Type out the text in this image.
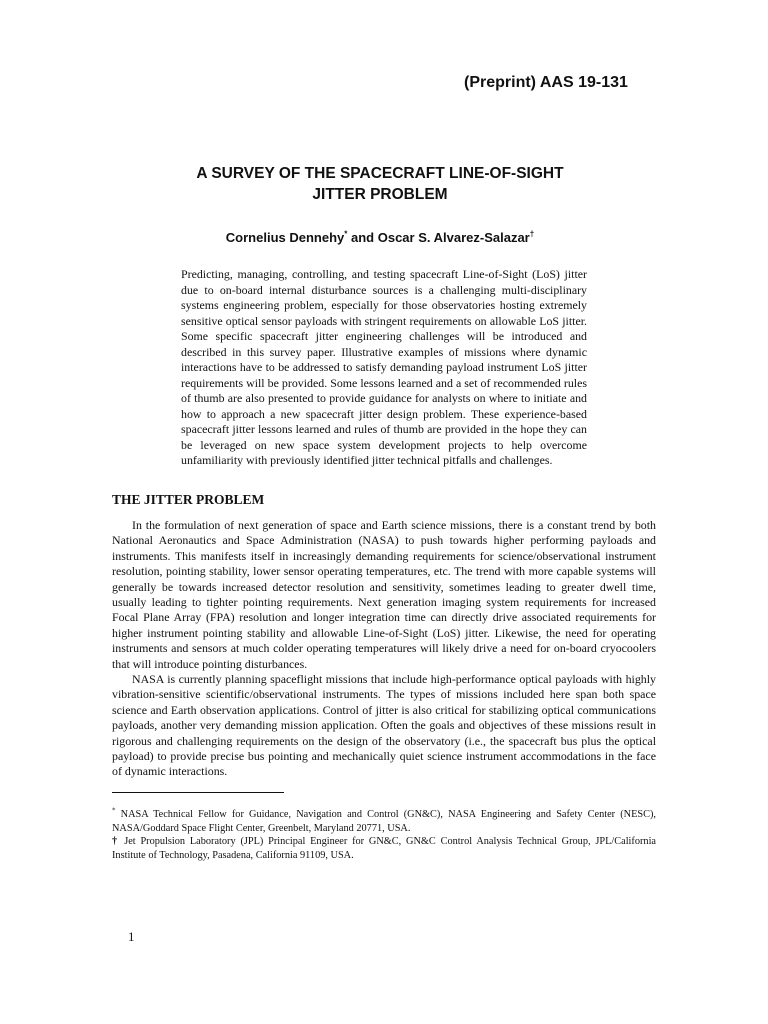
(Preprint) AAS 19-131

A SURVEY OF THE SPACECRAFT LINE-OF-SIGHT
JITTER PROBLEM

Cornelius Dennehy* and Oscar S. Alvarez-Salazar†

Predicting, managing, controlling, and testing spacecraft Line-of-Sight (LoS) jitter due to on-board internal disturbance sources is a challenging multi-disciplinary systems engineering problem, especially for those observatories hosting extremely sensitive optical sensor payloads with stringent requirements on allowable LoS jitter. Some specific spacecraft jitter engineering challenges will be introduced and described in this survey paper. Illustrative examples of missions where dynamic interactions have to be addressed to satisfy demanding payload instrument LoS jitter requirements will be provided. Some lessons learned and a set of recommended rules of thumb are also presented to provide guidance for analysts on where to initiate and how to approach a new spacecraft jitter design problem. These experience-based spacecraft jitter lessons learned and rules of thumb are provided in the hope they can be leveraged on new space system development projects to help overcome unfamiliarity with previously identified jitter technical pitfalls and challenges.

THE JITTER PROBLEM

In the formulation of next generation of space and Earth science missions, there is a constant trend by both National Aeronautics and Space Administration (NASA) to push towards higher performing payloads and instruments. This manifests itself in increasingly demanding requirements for science/observational instrument resolution, pointing stability, lower sensor operating temperatures, etc. The trend with more capable systems will generally be towards increased detector resolution and sensitivity, sometimes leading to greater dwell time, usually leading to tighter pointing requirements. Next generation imaging system requirements for increased Focal Plane Array (FPA) resolution and longer integration time can directly drive associated requirements for higher instrument pointing stability and allowable Line-of-Sight (LoS) jitter. Likewise, the need for operating instruments and sensors at much colder operating temperatures will likely drive a need for on-board cryocoolers that will introduce pointing disturbances.

NASA is currently planning spaceflight missions that include high-performance optical payloads with highly vibration-sensitive scientific/observational instruments. The types of missions included here span both space science and Earth observation applications. Control of jitter is also critical for stabilizing optical communications payloads, another very demanding mission application. Often the goals and objectives of these missions result in rigorous and challenging requirements on the design of the observatory (i.e., the spacecraft bus plus the optical payload) to provide precise bus pointing and mechanically quiet science instrument accommodations in the face of dynamic interactions.

* NASA Technical Fellow for Guidance, Navigation and Control (GN&C), NASA Engineering and Safety Center (NESC), NASA/Goddard Space Flight Center, Greenbelt, Maryland 20771, USA.

† Jet Propulsion Laboratory (JPL) Principal Engineer for GN&C, GN&C Control Analysis Technical Group, JPL/California Institute of Technology, Pasadena, California 91109, USA.

1
